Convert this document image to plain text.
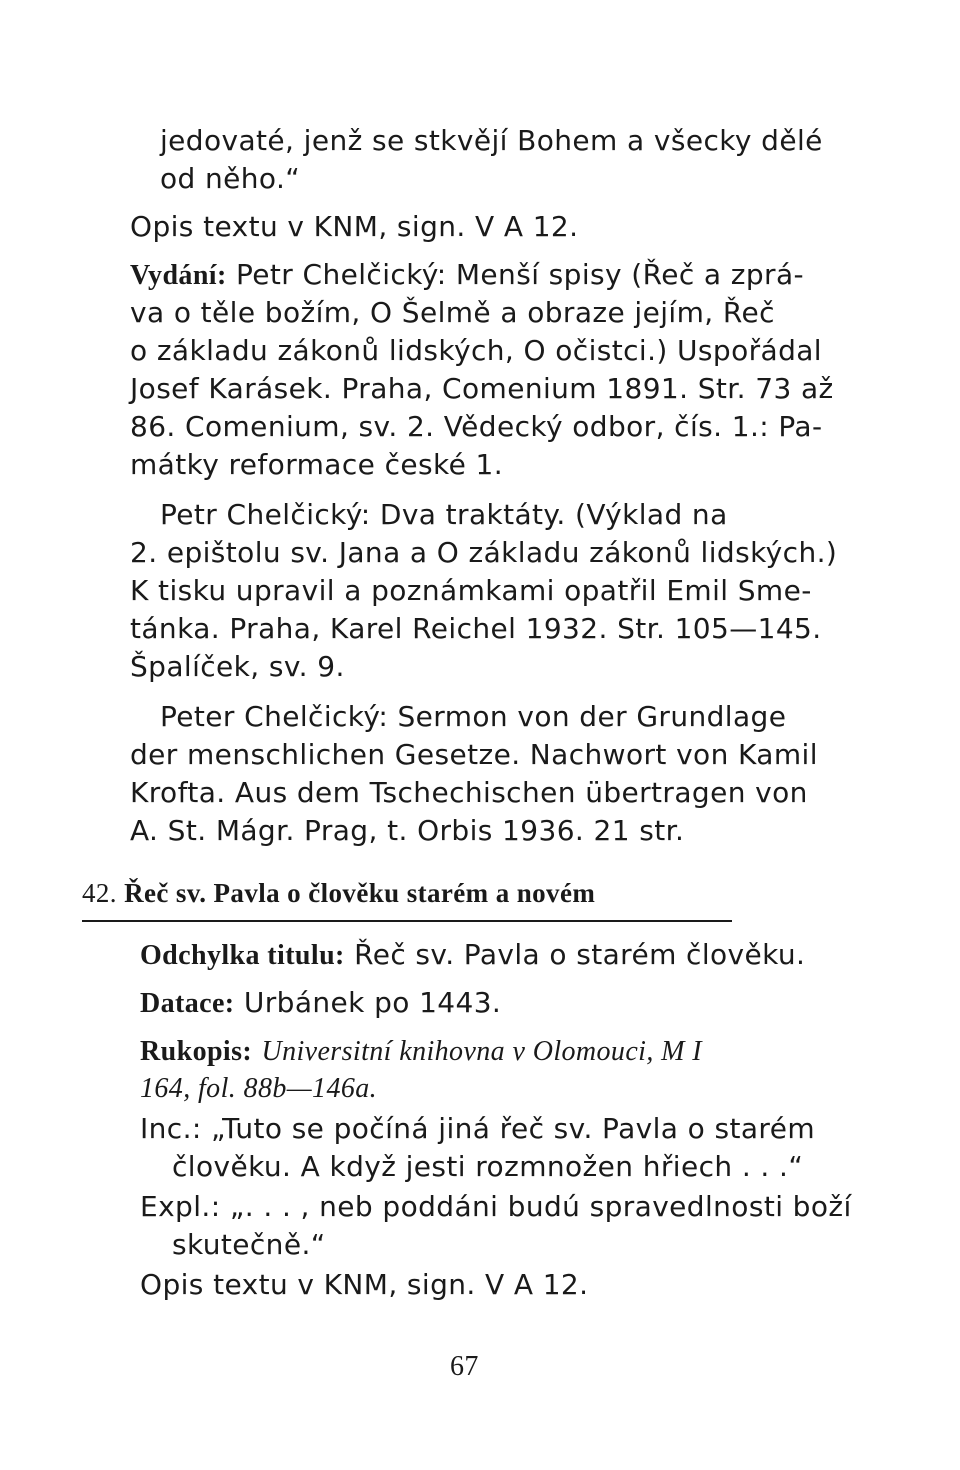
jedovaté, jenž se stkvějí Bohem a všecky dělé

od něho.“

Opis textu v KNM, sign. V A 12.

Vydání: Petr Chelčický: Menší spisy (Řeč a zprá-

va o těle božím, O Šelmě a obraze jejím, Řeč

o základu zákonů lidských, O očistci.) Uspořádal

Josef Karásek. Praha, Comenium 1891. Str. 73 až

86. Comenium, sv. 2. Vědecký odbor, čís. 1.: Pa-

mátky reformace české 1.

Petr Chelčický: Dva traktáty. (Výklad na

2. epištolu sv. Jana a O základu zákonů lidských.)

K tisku upravil a poznámkami opatřil Emil Sme-

tánka. Praha, Karel Reichel 1932. Str. 105—145.

Špalíček, sv. 9.

Peter Chelčický: Sermon von der Grundlage

der menschlichen Gesetze. Nachwort von Kamil

Krofta. Aus dem Tschechischen übertragen von

A. St. Mágr. Prag, t. Orbis 1936. 21 str.

42. Řeč sv. Pavla o člověku starém a novém

Odchylka titulu: Řeč sv. Pavla o starém člověku.

Datace: Urbánek po 1443.

Rukopis: Universitní knihovna v Olomouci, M I

164, fol. 88b—146a.

Inc.: „Tuto se počíná jiná řeč sv. Pavla o starém

člověku. A když jesti rozmnožen hřiech . . .“

Expl.: „. . . , neb poddáni budú spravedlnosti boží

skutečně.“

Opis textu v KNM, sign. V A 12.

67
